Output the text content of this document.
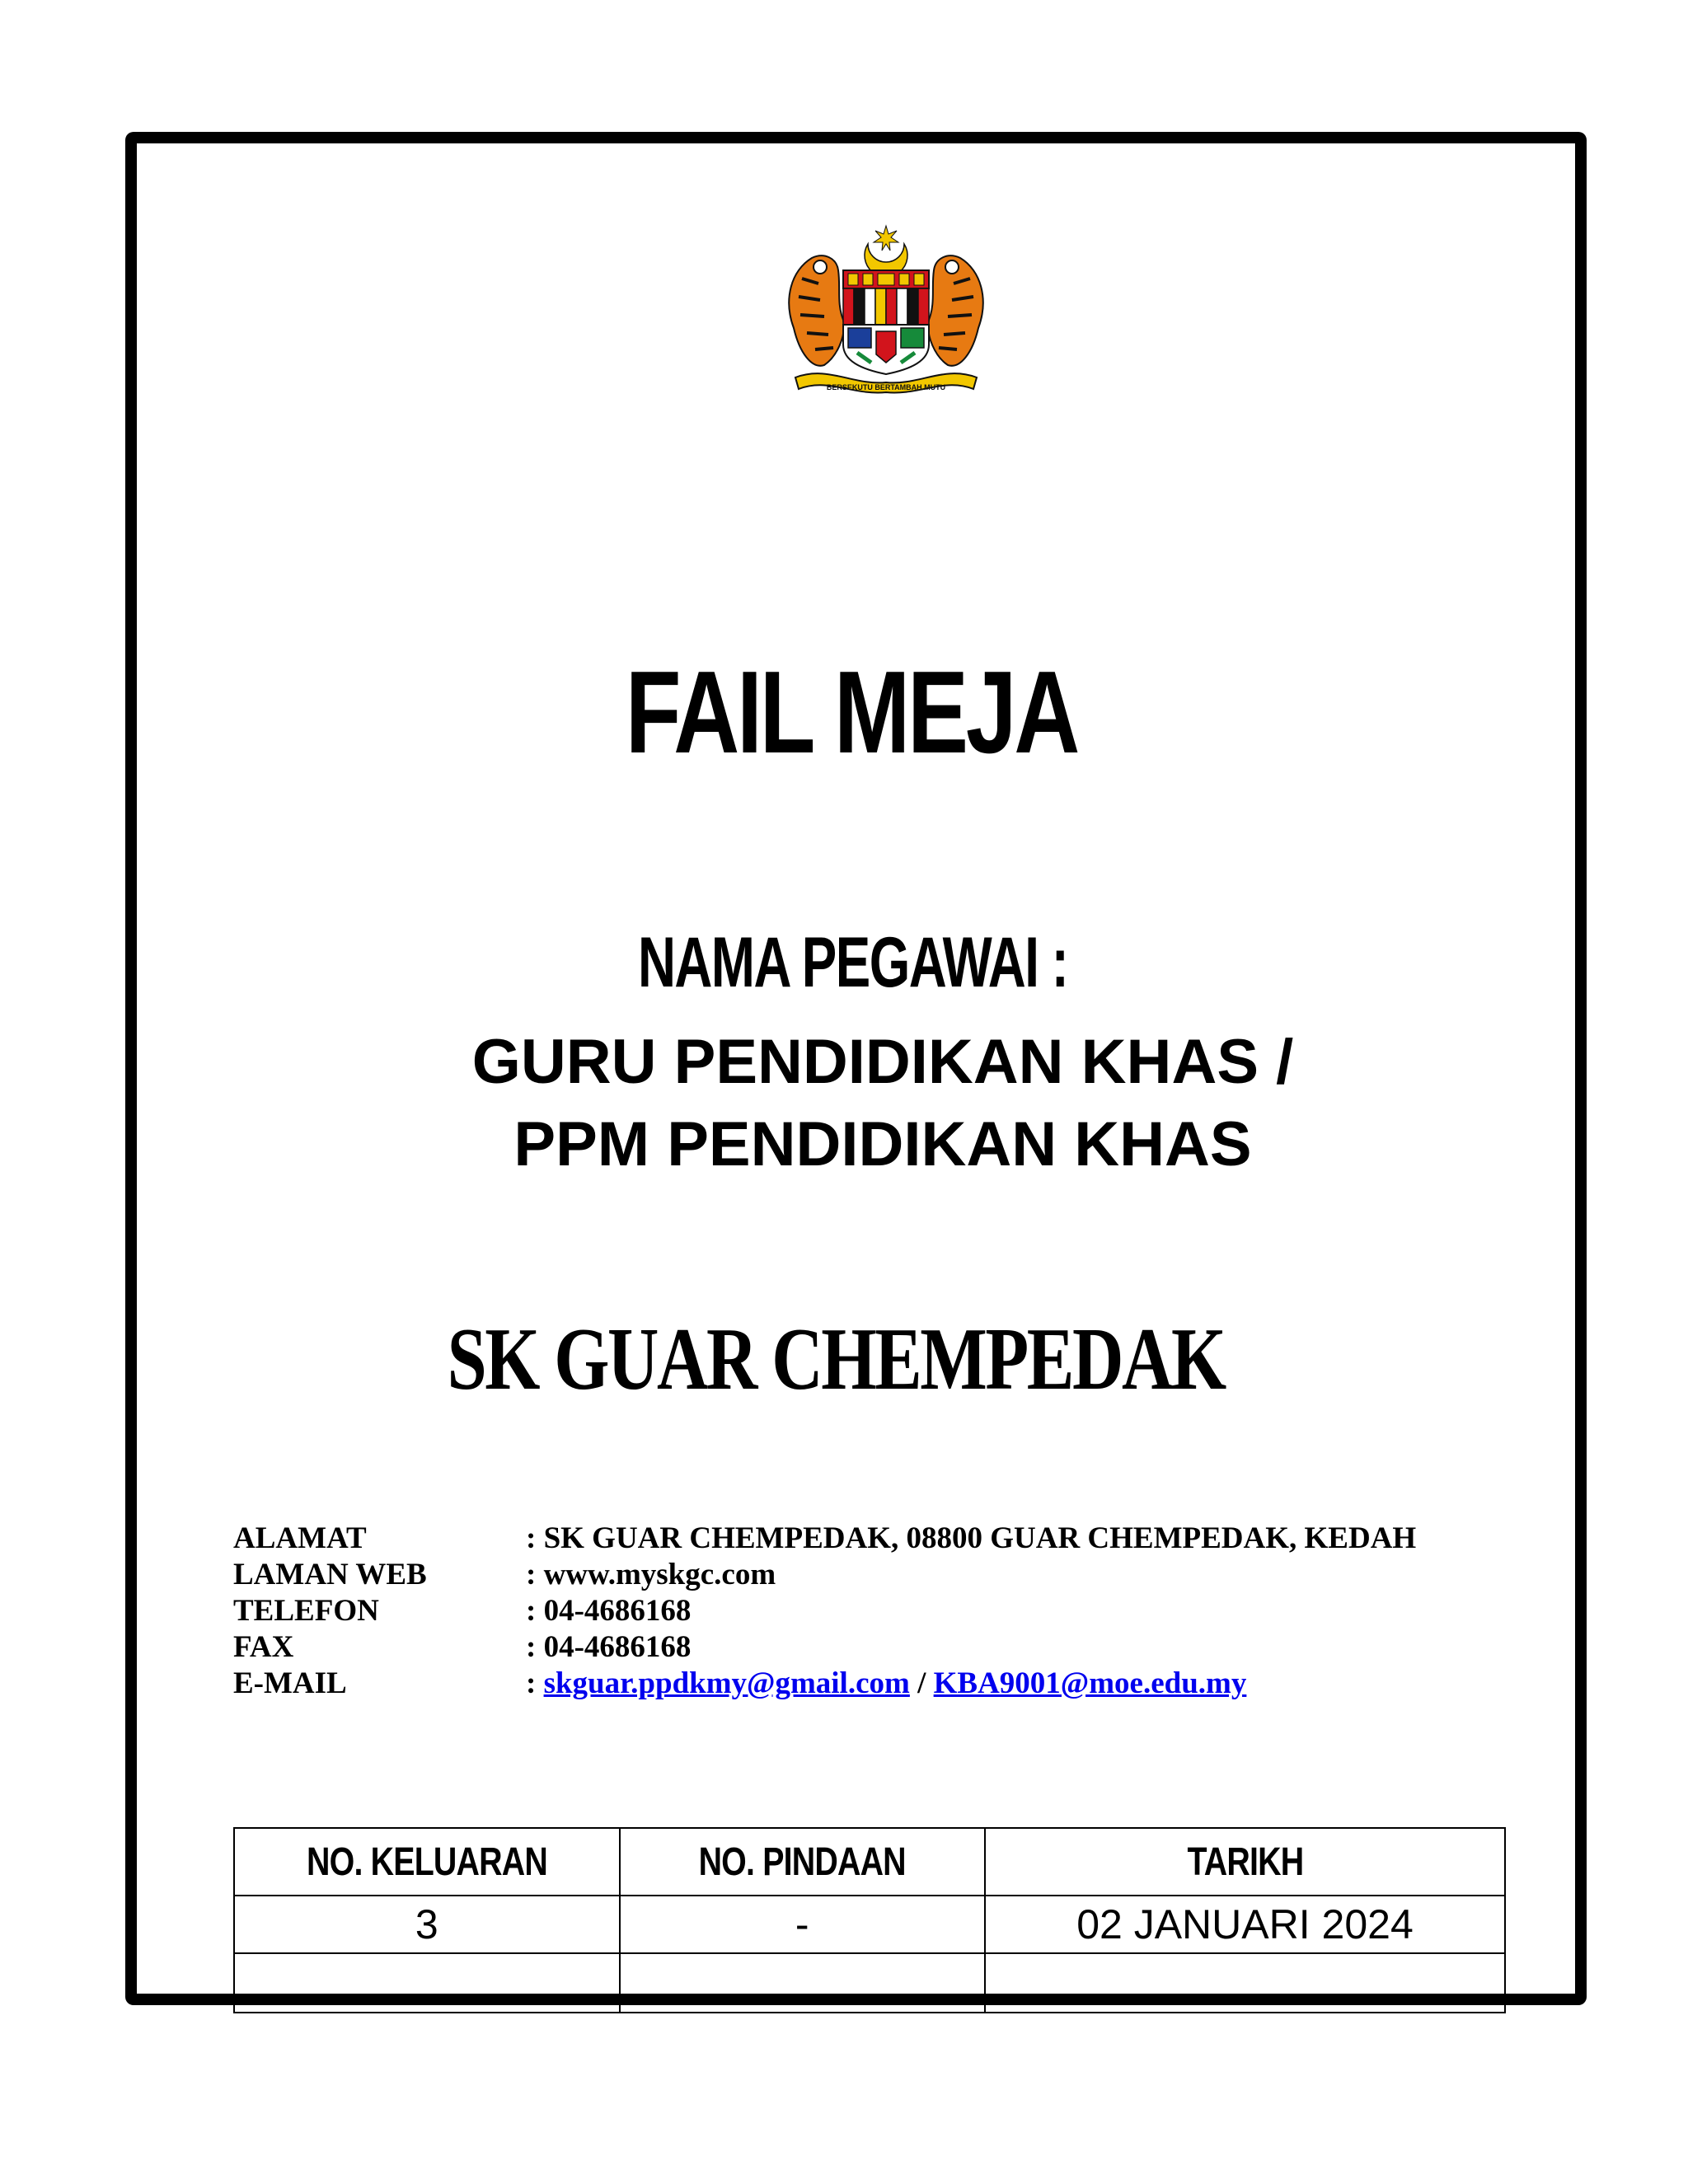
BERSEKUTU BERTAMBAH MUTU
FAIL MEJA
NAMA PEGAWAI :
GURU PENDIDIKAN KHAS /
PPM PENDIDIKAN KHAS
SK GUAR CHEMPEDAK
ALAMAT	: SK GUAR CHEMPEDAK, 08800 GUAR CHEMPEDAK, KEDAH
LAMAN WEB	: www.myskgc.com
TELEFON	: 04-4686168
FAX	: 04-4686168
E-MAIL	: skguar.ppdkmy@gmail.com / KBA9001@moe.edu.my
NO. KELUARAN	NO. PINDAAN	TARIKH
3	-	02 JANUARI 2024
